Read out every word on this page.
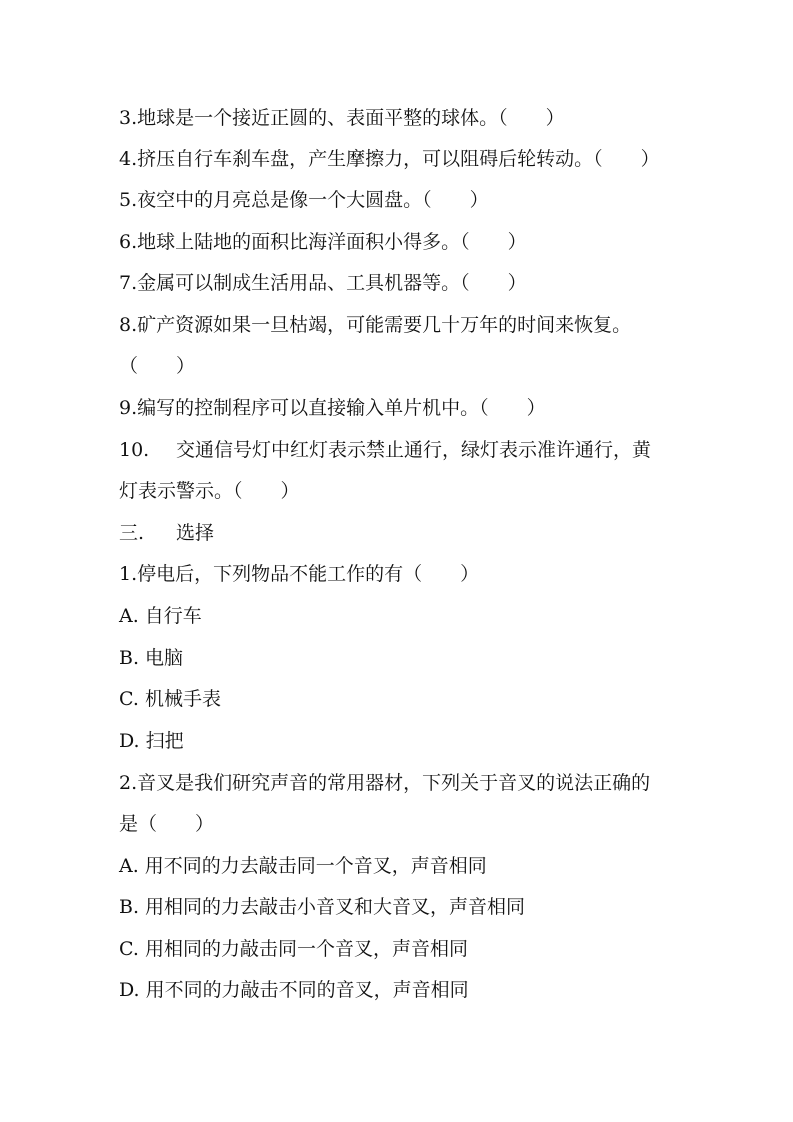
3.地球是一个接近正圆的、表面平整的球体。（　　）
4.挤压自行车刹车盘，产生摩擦力，可以阻碍后轮转动。（　　）
5.夜空中的月亮总是像一个大圆盘。（　　）
6.地球上陆地的面积比海洋面积小得多。（　　）
7.金属可以制成生活用品、工具机器等。（　　）
8.矿产资源如果一旦枯竭，可能需要几十万年的时间来恢复。
（　　）
9.编写的控制程序可以直接输入单片机中。（　　）
10. 交通信号灯中红灯表示禁止通行，绿灯表示准许通行，黄
灯表示警示。（　　）
三. 选择
1.停电后，下列物品不能工作的有（　　）
A. 自行车
B. 电脑
C. 机械手表
D. 扫把
2.音叉是我们研究声音的常用器材，下列关于音叉的说法正确的
是（　　）
A. 用不同的力去敲击同一个音叉，声音相同
B. 用相同的力去敲击小音叉和大音叉，声音相同
C. 用相同的力敲击同一个音叉，声音相同
D. 用不同的力敲击不同的音叉，声音相同
